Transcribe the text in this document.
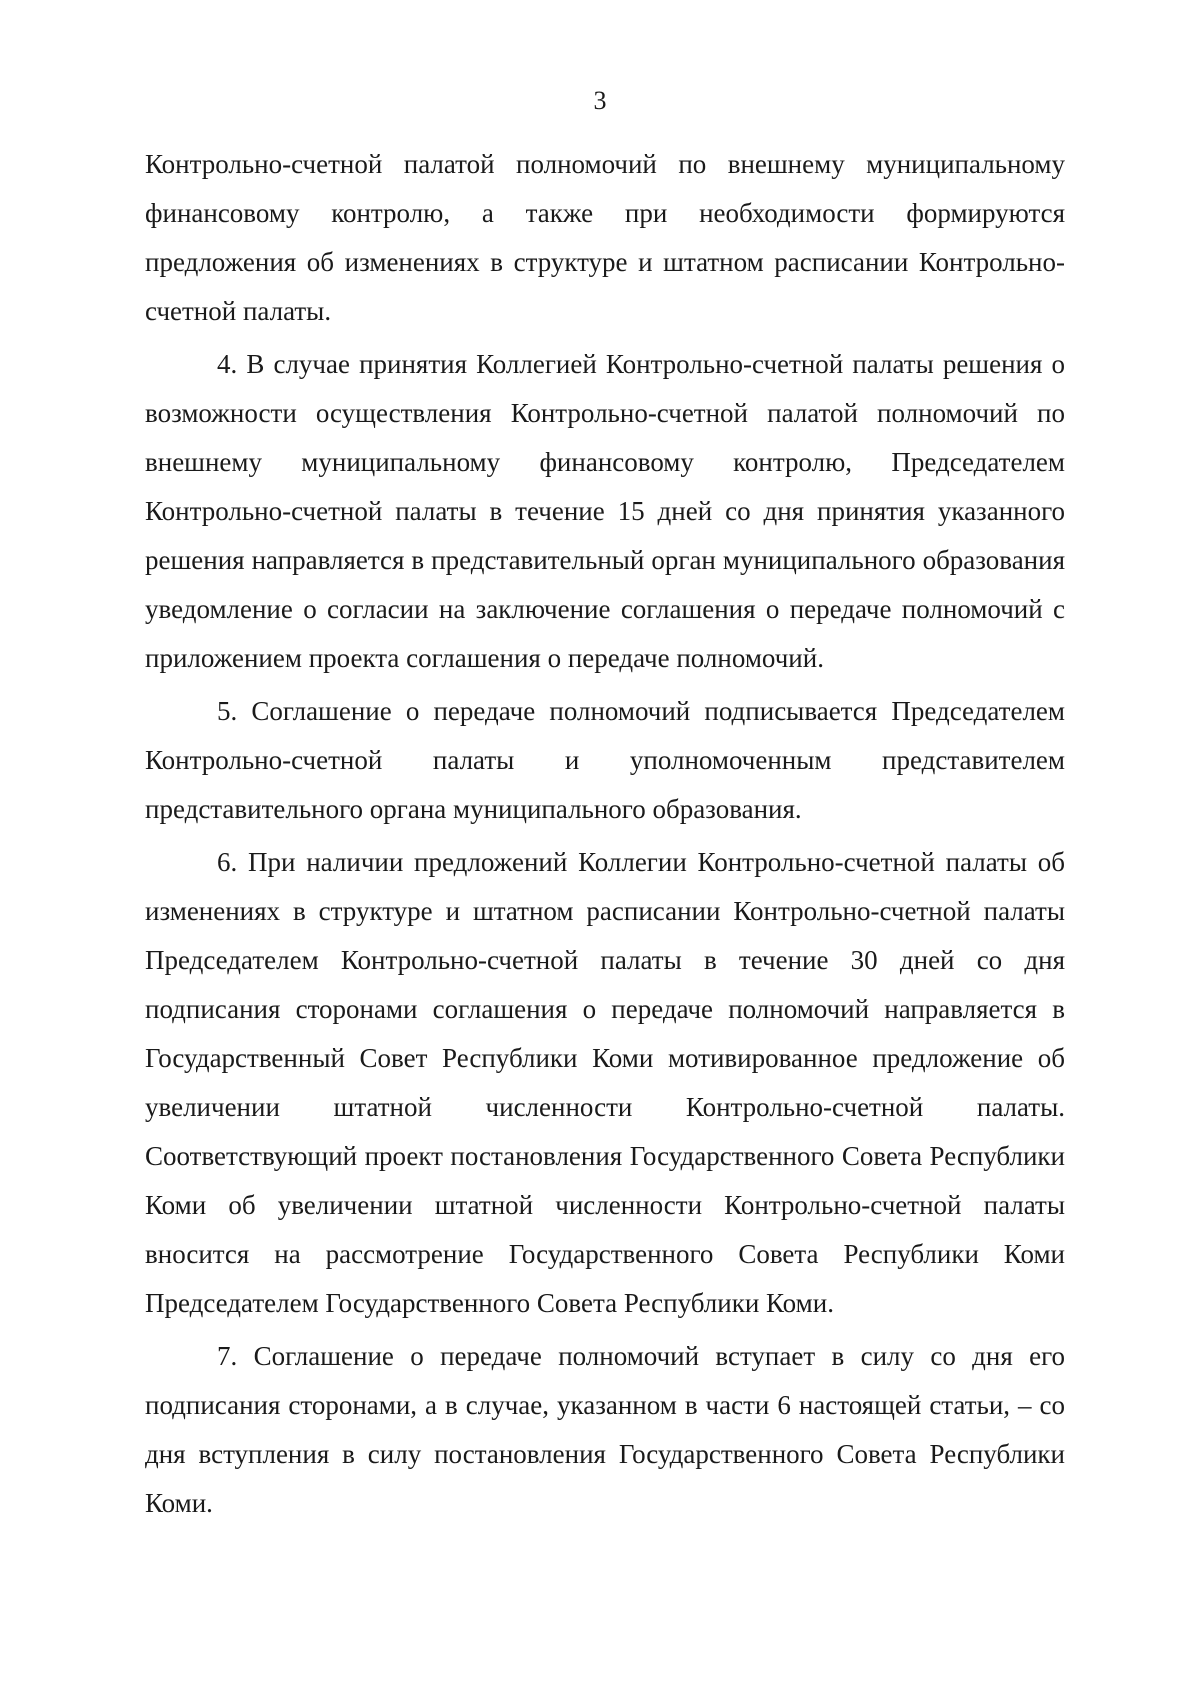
3

Контрольно-счетной палатой полномочий по внешнему муниципальному финансовому контролю, а также при необходимости формируются предложения об изменениях в структуре и штатном расписании Контрольно-счетной палаты.

4. В случае принятия Коллегией Контрольно-счетной палаты решения о возможности осуществления Контрольно-счетной палатой полномочий по внешнему муниципальному финансовому контролю, Председателем Контрольно-счетной палаты в течение 15 дней со дня принятия указанного решения направляется в представительный орган муниципального образования уведомление о согласии на заключение соглашения о передаче полномочий с приложением проекта соглашения о передаче полномочий.

5. Соглашение о передаче полномочий подписывается Председателем Контрольно-счетной палаты и уполномоченным представителем представительного органа муниципального образования.

6. При наличии предложений Коллегии Контрольно-счетной палаты об изменениях в структуре и штатном расписании Контрольно-счетной палаты Председателем Контрольно-счетной палаты в течение 30 дней со дня подписания сторонами соглашения о передаче полномочий направляется в Государственный Совет Республики Коми мотивированное предложение об увеличении штатной численности Контрольно-счетной палаты. Соответствующий проект постановления Государственного Совета Республики Коми об увеличении штатной численности Контрольно-счетной палаты вносится на рассмотрение Государственного Совета Республики Коми Председателем Государственного Совета Республики Коми.

7. Соглашение о передаче полномочий вступает в силу со дня его подписания сторонами, а в случае, указанном в части 6 настоящей статьи, – со дня вступления в силу постановления Государственного Совета Республики Коми.
